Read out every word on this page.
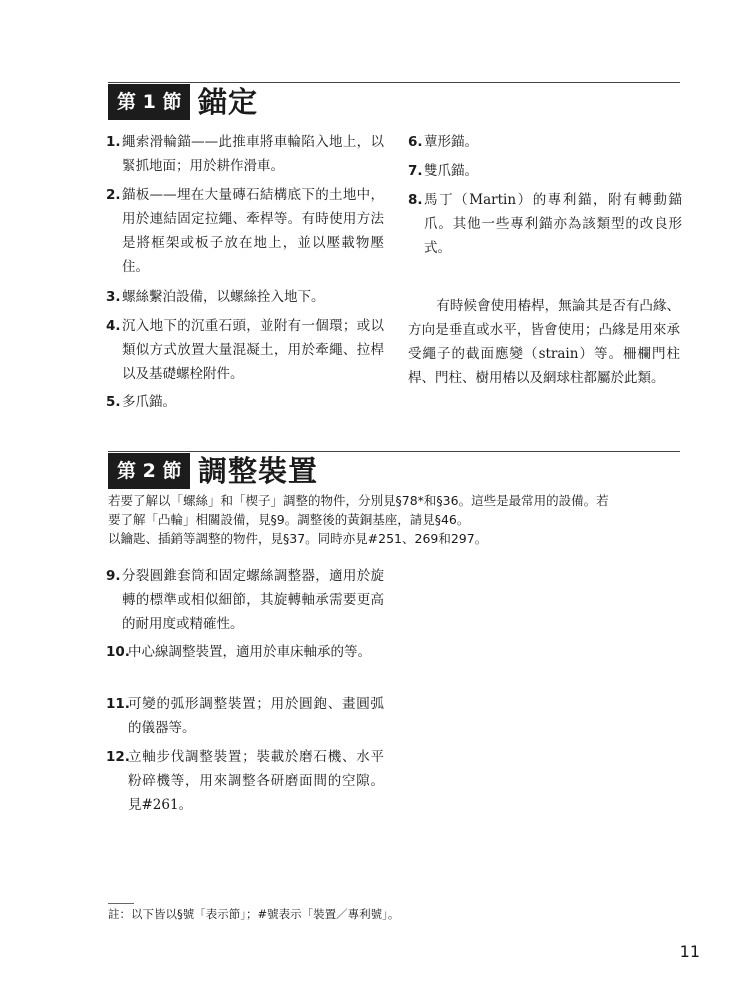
第 1 節 錨定
1. 繩索滑輪錨——此推車將車輪陷入地上，以緊抓地面；用於耕作滑車。
2. 錨板——埋在大量磚石結構底下的土地中，用於連結固定拉繩、牽桿等。有時使用方法是將框架或板子放在地上，並以壓載物壓住。
3. 螺絲繫泊設備，以螺絲拴入地下。
4. 沉入地下的沉重石頭，並附有一個環；或以類似方式放置大量混凝土，用於牽繩、拉桿以及基礎螺栓附件。
5. 多爪錨。
6. 蕈形錨。
7. 雙爪錨。
8. 馬丁（Martin）的專利錨，附有轉動錨爪。其他一些專利錨亦為該類型的改良形式。
有時候會使用樁桿，無論其是否有凸緣、方向是垂直或水平，皆會使用；凸緣是用來承受繩子的截面應變（strain）等。柵欄門柱桿、門柱、樹用樁以及網球柱都屬於此類。
第 2 節 調整裝置
若要了解以「螺絲」和「楔子」調整的物件，分別見§78*和§36。這些是最常用的設備。若
要了解「凸輪」相關設備，見§9。調整後的黃銅基座，請見§46。
以鑰匙、插銷等調整的物件，見§37。同時亦見#251、269和297。
9. 分裂圓錐套筒和固定螺絲調整器，適用於旋轉的標準或相似細節，其旋轉軸承需要更高的耐用度或精確性。
10.
中心線調整裝置，適用於車床軸承的等。
11.
可變的弧形調整裝置；用於圓鉋、畫圓弧的儀器等。
12.
立軸步伐調整裝置；裝載於磨石機、水平粉碎機等，用來調整各研磨面間的空隙。見#261。
註：以下皆以§號「表示節」；#號表示「裝置／專利號」。
11
